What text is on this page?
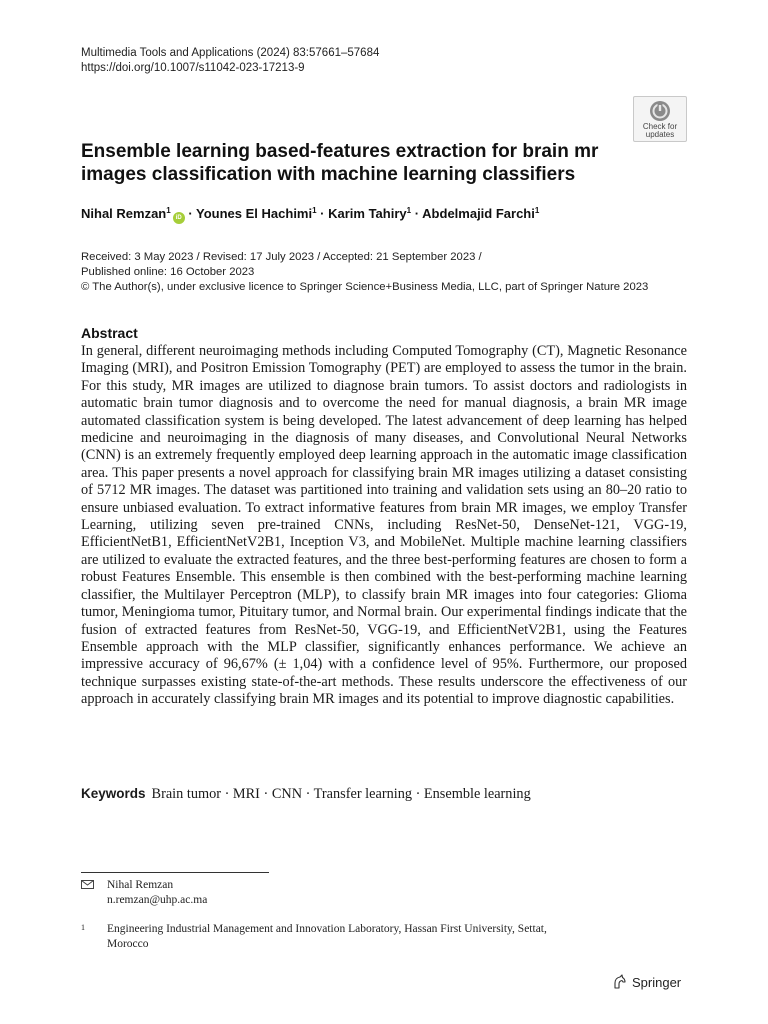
Multimedia Tools and Applications (2024) 83:57661–57684
https://doi.org/10.1007/s11042-023-17213-9
Check for
updates
Ensemble learning based-features extraction for brain mr images classification with machine learning classifiers
Nihal Remzan$^1$iD · Younes El Hachimi$^1$ · Karim Tahiry$^1$ · Abdelmajid Farchi$^1$
Received: 3 May 2023 / Revised: 17 July 2023 / Accepted: 21 September 2023 /
Published online: 16 October 2023
© The Author(s), under exclusive licence to Springer Science+Business Media, LLC, part of Springer Nature 2023
Abstract
In general, different neuroimaging methods including Computed Tomography (CT), Magnetic Resonance Imaging (MRI), and Positron Emission Tomography (PET) are employed to assess the tumor in the brain. For this study, MR images are utilized to diagnose brain tumors. To assist doctors and radiologists in automatic brain tumor diagnosis and to overcome the need for manual diagnosis, a brain MR image automated classification system is being developed. The latest advancement of deep learning has helped medicine and neuroimaging in the diagnosis of many diseases, and Convolutional Neural Networks (CNN) is an extremely frequently employed deep learning approach in the automatic image classification area. This paper presents a novel approach for classifying brain MR images utilizing a dataset consisting of 5712 MR images. The dataset was partitioned into training and validation sets using an 80–20 ratio to ensure unbiased evaluation. To extract informative features from brain MR images, we employ Transfer Learning, utilizing seven pre-trained CNNs, including ResNet-50, DenseNet-121, VGG-19, EfficientNetB1, EfficientNetV2B1, Inception V3, and MobileNet. Multiple machine learning classifiers are utilized to evaluate the extracted features, and the three best-performing features are chosen to form a robust Features Ensemble. This ensemble is then combined with the best-performing machine learning classifier, the Multilayer Perceptron (MLP), to classify brain MR images into four categories: Glioma tumor, Meningioma tumor, Pituitary tumor, and Normal brain. Our experimental findings indicate that the fusion of extracted features from ResNet-50, VGG-19, and EfficientNetV2B1, using the Features Ensemble approach with the MLP classifier, significantly enhances performance. We achieve an impressive accuracy of 96,67% (± 1,04) with a confidence level of 95%. Furthermore, our proposed technique surpasses existing state-of-the-art methods. These results underscore the effectiveness of our approach in accurately classifying brain MR images and its potential to improve diagnostic capabilities.
Keywords Brain tumor · MRI · CNN · Transfer learning · Ensemble learning
Nihal Remzan
n.remzan@uhp.ac.ma
1 Engineering Industrial Management and Innovation Laboratory, Hassan First University, Settat,
Morocco
Springer
